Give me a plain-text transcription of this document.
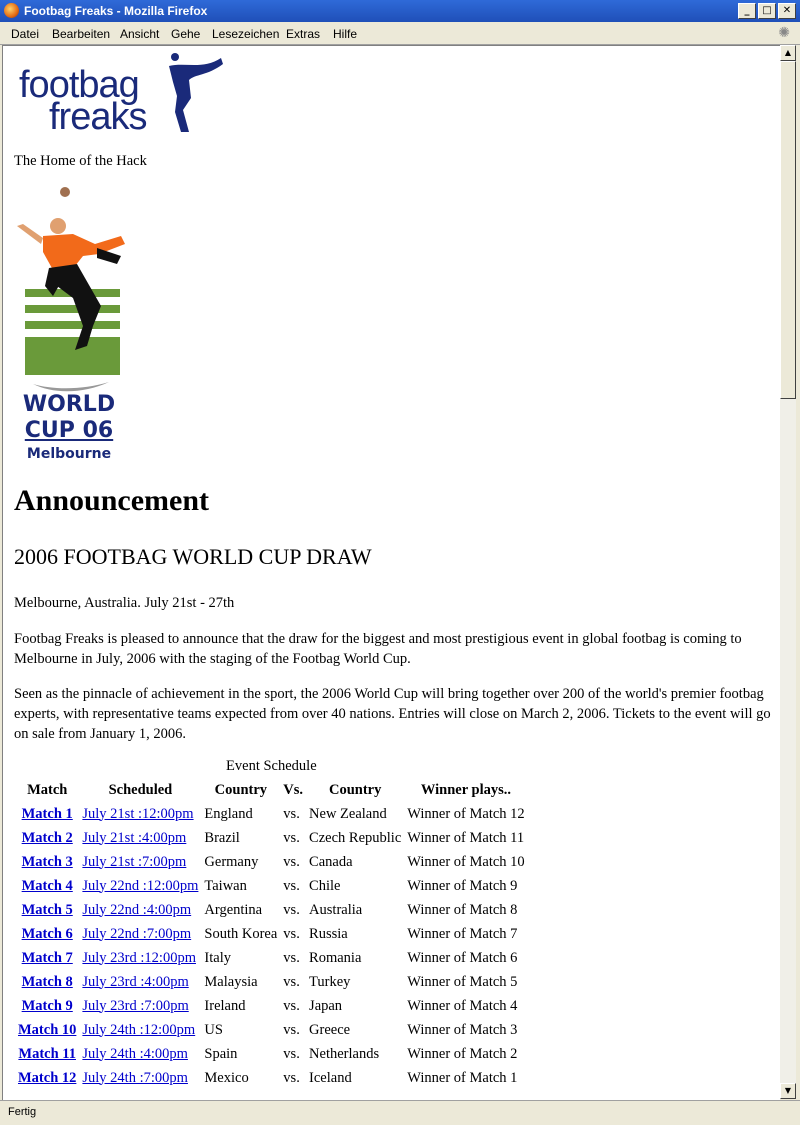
Footbag Freaks - Mozilla Firefox	_	□	✕
Datei Bearbeiten Ansicht Gehe Lesezeichen Extras Hilfe	✺
footbag
freaks
The Home of the Hack
WORLD
CUP 06
Melbourne
Announcement
2006 FOOTBAG WORLD CUP DRAW
Melbourne, Australia. July 21st - 27th
Footbag Freaks is pleased to announce that the draw for the biggest and most prestigious event in global footbag is coming to Melbourne in July, 2006 with the staging of the Footbag World Cup.
Seen as the pinnacle of achievement in the sport, the 2006 World Cup will bring together over 200 of the world's premier footbag experts, with representative teams expected from over 40 nations. Entries will close on March 2, 2006. Tickets to the event will go on sale from January 1, 2006.
Event Schedule
Match	Scheduled	Country	Vs.	Country	Winner plays..
Match 1	July 21st :12:00pm	England	vs.	New Zealand	Winner of Match 12
Match 2	July 21st :4:00pm	Brazil	vs.	Czech Republic	Winner of Match 11
Match 3	July 21st :7:00pm	Germany	vs.	Canada	Winner of Match 10
Match 4	July 22nd :12:00pm	Taiwan	vs.	Chile	Winner of Match 9
Match 5	July 22nd :4:00pm	Argentina	vs.	Australia	Winner of Match 8
Match 6	July 22nd :7:00pm	South Korea	vs.	Russia	Winner of Match 7
Match 7	July 23rd :12:00pm	Italy	vs.	Romania	Winner of Match 6
Match 8	July 23rd :4:00pm	Malaysia	vs.	Turkey	Winner of Match 5
Match 9	July 23rd :7:00pm	Ireland	vs.	Japan	Winner of Match 4
Match 10	July 24th :12:00pm	US	vs.	Greece	Winner of Match 3
Match 11	July 24th :4:00pm	Spain	vs.	Netherlands	Winner of Match 2
Match 12	July 24th :7:00pm	Mexico	vs.	Iceland	Winner of Match 1
▲
▼
Fertig
